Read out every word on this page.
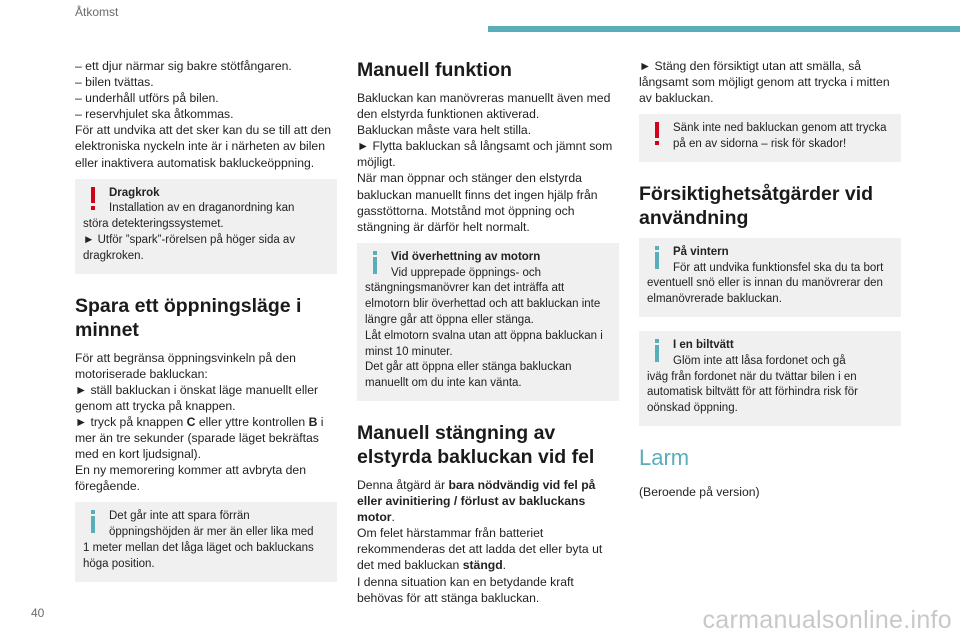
Åtkomst

– ett djur närmar sig bakre stötfångaren.

– bilen tvättas.

– underhåll utförs på bilen.

– reservhjulet ska åtkommas.

För att undvika att det sker kan du se till att den elektroniska nyckeln inte är i närheten av bilen eller inaktivera automatisk bakluckeöppning.

Dragkrok

Installation av en draganordning kan

störa detekteringssystemet.

► Utför ”spark”-rörelsen på höger sida av dragkroken.

Spara ett öppningsläge i minnet

För att begränsa öppningsvinkeln på den motoriserade bakluckan:

► ställ bakluckan i önskat läge manuellt eller genom att trycka på knappen.

► tryck på knappen C eller yttre kontrollen B i mer än tre sekunder (sparade läget bekräftas med en kort ljudsignal).

En ny memorering kommer att avbryta den föregående.

Det går inte att spara förrän öppningshöjden är mer än eller lika med

1 meter mellan det låga läget och bakluckans höga position.

Manuell funktion

Bakluckan kan manövreras manuellt även med den elstyrda funktionen aktiverad.

Bakluckan måste vara helt stilla.

► Flytta bakluckan så långsamt och jämnt som möjligt.

När man öppnar och stänger den elstyrda bakluckan manuellt finns det ingen hjälp från gasstöttorna. Motstånd mot öppning och stängning är därför helt normalt.

Vid överhettning av motorn

Vid upprepade öppnings- och

stängningsmanövrer kan det inträffa att elmotorn blir överhettad och att bakluckan inte längre går att öppna eller stänga.

Låt elmotorn svalna utan att öppna bakluckan i minst 10 minuter.

Det går att öppna eller stänga bakluckan manuellt om du inte kan vänta.

Manuell stängning av elstyrda bakluckan vid fel

Denna åtgärd är bara nödvändig vid fel på eller avinitiering / förlust av bakluckans motor.

Om felet härstammar från batteriet rekommenderas det att ladda det eller byta ut det med bakluckan stängd.

I denna situation kan en betydande kraft behövas för att stänga bakluckan.

► Stäng den försiktigt utan att smälla, så långsamt som möjligt genom att trycka i mitten av bakluckan.

Sänk inte ned bakluckan genom att trycka på en av sidorna – risk för skador!

Försiktighetsåtgärder vid användning

På vintern

För att undvika funktionsfel ska du ta bort

eventuell snö eller is innan du manövrerar den elmanövrerade bakluckan.

I en biltvätt

Glöm inte att låsa fordonet och gå

iväg från fordonet när du tvättar bilen i en automatisk biltvätt för att förhindra risk för oönskad öppning.

Larm

(Beroende på version)

40	carmanualsonline.info
